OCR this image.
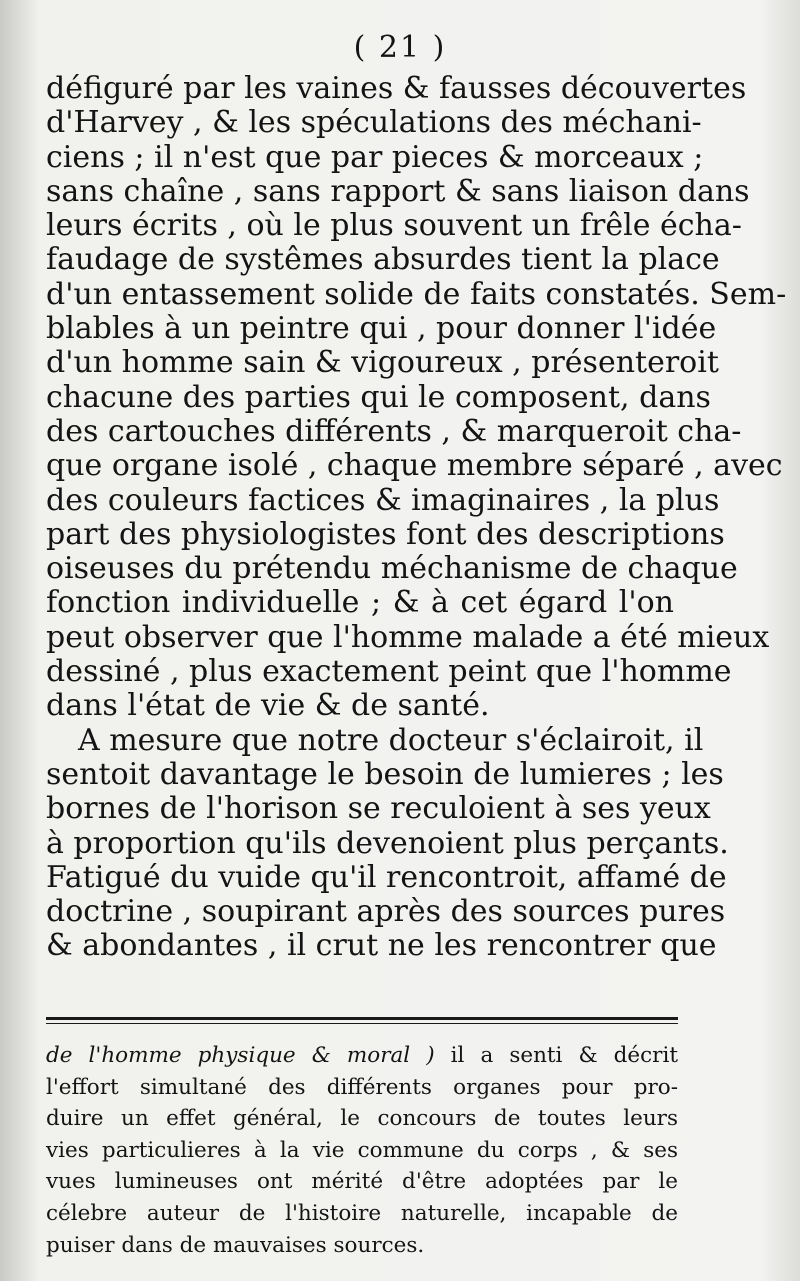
( 21 )
défiguré par les vaines & fausses découvertes
d'Harvey , & les spéculations des méchani-
ciens ; il n'est que par pieces & morceaux ;
sans chaîne , sans rapport & sans liaison dans
leurs écrits , où le plus souvent un frêle écha-
faudage de systêmes absurdes tient la place
d'un entassement solide de faits constatés. Sem-
blables à un peintre qui , pour donner l'idée
d'un homme sain & vigoureux , présenteroit
chacune des parties qui le composent, dans
des cartouches différents , & marqueroit cha-
que organe isolé , chaque membre séparé , avec
des couleurs factices & imaginaires , la plus
part des physiologistes font des descriptions
oiseuses du prétendu méchanisme de chaque
fonction individuelle ; & à cet égard l'on
peut observer que l'homme malade a été mieux
dessiné , plus exactement peint que l'homme
dans l'état de vie & de santé.
A mesure que notre docteur s'éclairoit, il
sentoit davantage le besoin de lumieres ; les
bornes de l'horison se reculoient à ses yeux
à proportion qu'ils devenoient plus perçants.
Fatigué du vuide qu'il rencontroit, affamé de
doctrine , soupirant après des sources pures
& abondantes , il crut ne les rencontrer que
de l'homme physique & moral ) il a senti & décrit
l'effort simultané des différents organes pour pro-
duire un effet général, le concours de toutes leurs
vies particulieres à la vie commune du corps , & ses
vues lumineuses ont mérité d'être adoptées par le
célebre auteur de l'histoire naturelle, incapable de
puiser dans de mauvaises sources.
